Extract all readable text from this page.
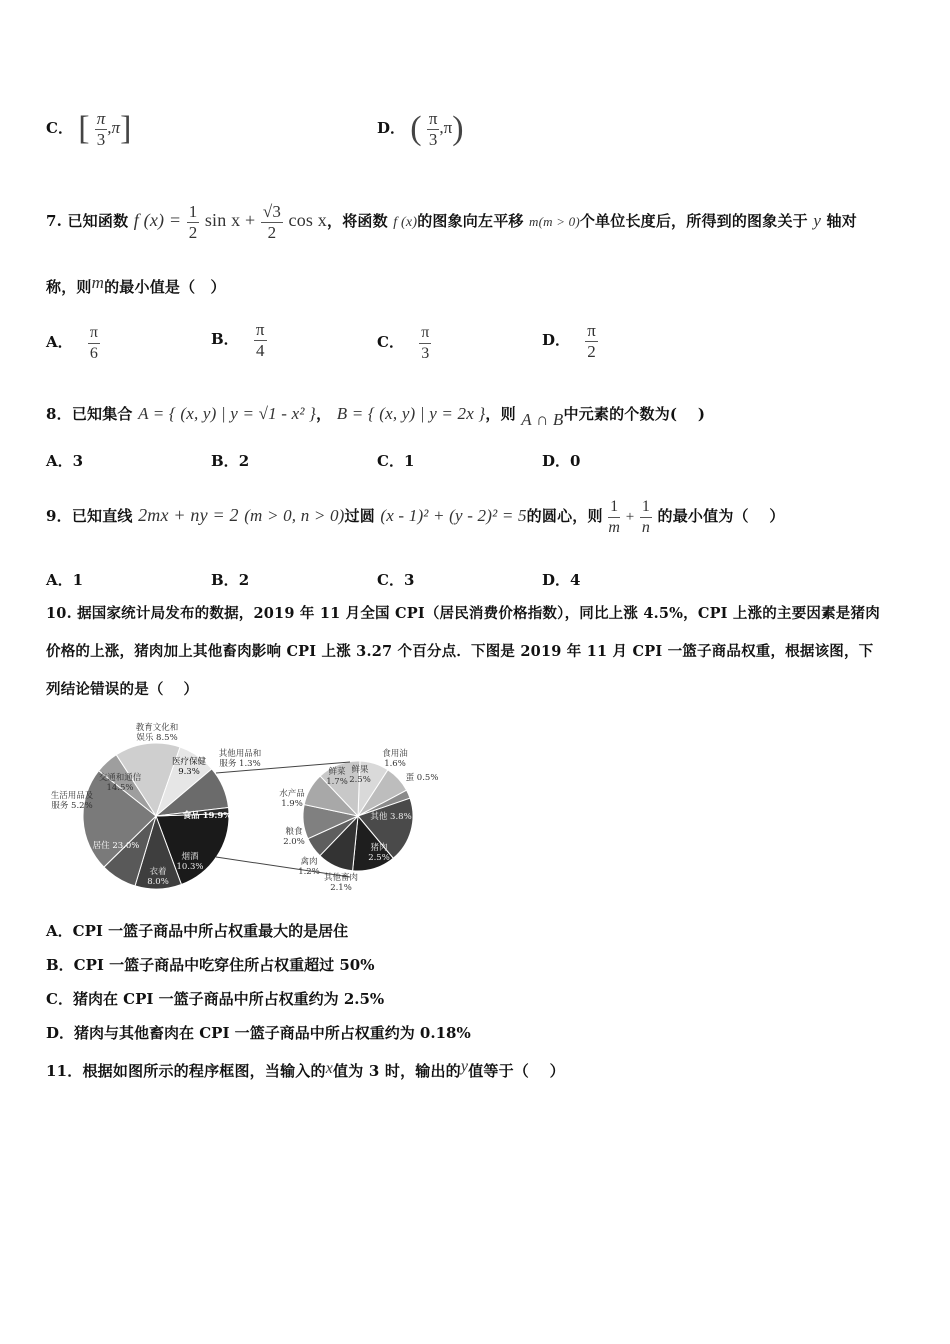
C． [ $\frac{\pi}{3} ,\pi$]	D． ( $\frac{\pi}{3} ,\pi$)
7. 已知函数 f $(x) = \frac{1}{2}$ $\sin x + \frac{√3}{2}$ cos x，将函数 f (x)的图象向左平移 m(m > 0)个单位长度后，所得到的图象关于 y 轴对
称，则m的最小值是（　）
A． $\frac{\pi}{6}$	B． $\frac{\pi}{4}$	C． $\frac{\pi}{3}$	D． $\frac{\pi}{2}$
8．已知集合 A = { (x, y) | y = √1 - x² }， B = { (x, y) | y = 2x }，则 A ∩ B中元素的个数为(　 )
A．3	B．2	C．1	D．0
9．已知直线 2mx + ny = 2 (m > 0, n > 0)过圆 (x - 1)² + (y - 2)² = 5的圆心，则 $\frac{1}{m} + \frac{1}{n}$ 的最小值为（　 ）
A．1	B．2	C．3	D．4
10. 据国家统计局发布的数据，2019 年 11 月全国 CPI（居民消费价格指数），同比上涨 4.5%，CPI 上涨的主要因素是猪肉
价格的上涨，猪肉加上其他畜肉影响 CPI 上涨 3.27 个百分点．下图是 2019 年 11 月 CPI 一篮子商品权重，根据该图，下
列结论错误的是（　 ）
食品 19.9%
烟酒
10.3%
衣着
8.0%
居住 23.0%
生活用品及
服务 5.2%
交通和通信
14.5%
教育文化和
娱乐 8.5%
医疗保健
9.3%
其他用品和
服务 1.3%
鲜菜
1.7%
食用油
1.6%
蛋 0.5%
其他 3.8%
猪肉
2.5%
其他畜肉
2.1%
禽肉
1.2%
粮食
2.0%
水产品
1.9%
鲜果
2.5%
A．CPI 一篮子商品中所占权重最大的是居住
B．CPI 一篮子商品中吃穿住所占权重超过 50%
C．猪肉在 CPI 一篮子商品中所占权重约为 2.5%
D．猪肉与其他畜肉在 CPI 一篮子商品中所占权重约为 0.18%
11．根据如图所示的程序框图，当输入的x值为 3 时，输出的y值等于（　 ）
